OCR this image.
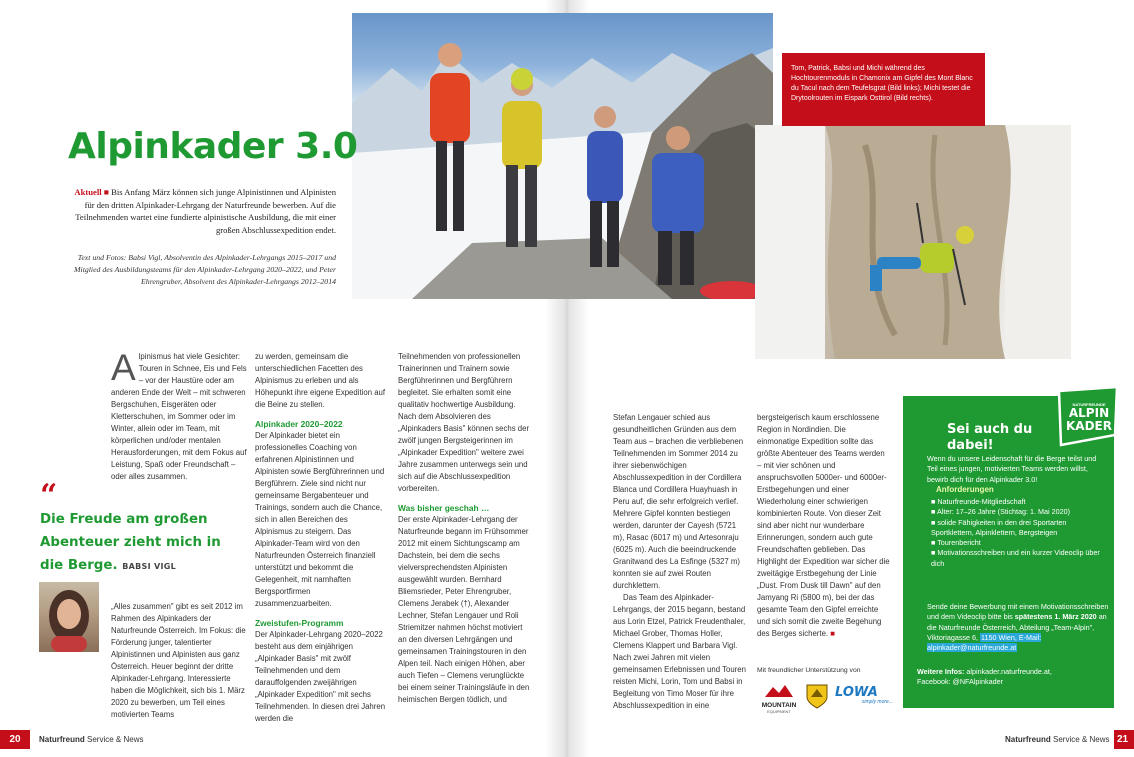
Tom, Patrick, Babsi und Michi während des Hochtourenmoduls in Chamonix am Gipfel des Mont Blanc du Tacul nach dem Teufelsgrat (Bild links); Michi testet die Drytoolrouten im Eispark Osttirol (Bild rechts).
Alpinkader 3.0
Aktuell ■ Bis Anfang März können sich junge Alpinistinnen und Alpinisten für den dritten Alpinkader-Lehrgang der Naturfreunde bewerben. Auf die Teilnehmenden wartet eine fundierte alpinistische Ausbildung, die mit einer großen Abschlussexpedition endet.
Text und Fotos: Babsi Vigl, Absolventin des Alpinkader-Lehrgangs 2015–2017 und Mitglied des Ausbildungsteams für den Alpinkader-Lehrgang 2020–2022, und Peter Ehrengruber, Absolvent des Alpinkader-Lehrgangs 2012–2014

A lpinismus hat viele Gesichter: Touren in Schnee, Eis und Fels – vor der Haustüre oder am anderen Ende der Welt – mit schweren Bergschuhen, Eisgeräten oder Kletterschuhen, im Sommer oder im Winter, allein oder im Team, mit körperlichen und/oder mentalen Herausforderungen, mit dem Fokus auf Leistung, Spaß oder Freundschaft – oder alles zusammen.

“
Die Freude am großen Abenteuer zieht mich in die Berge. BABSI VIGL

„Alles zusammen" gibt es seit 2012 im Rahmen des Alpinkaders der Naturfreunde Österreich. Im Fokus: die Förderung junger, talentierter Alpinistinnen und Alpinisten aus ganz Österreich. Heuer beginnt der dritte Alpinkader-Lehrgang. Interessierte haben die Möglichkeit, sich bis 1. März 2020 zu bewerben, um Teil eines motivierten Teams

zu werden, gemeinsam die unterschiedlichen Facetten des Alpinismus zu erleben und als Höhepunkt ihre eigene Expedition auf die Beine zu stellen.

Alpinkader 2020–2022

Der Alpinkader bietet ein professionelles Coaching von erfahrenen Alpinistinnen und Alpinisten sowie Bergführerinnen und Bergführern. Ziele sind nicht nur gemeinsame Bergabenteuer und Trainings, sondern auch die Chance, sich in allen Bereichen des Alpinismus zu steigern. Das Alpinkader-Team wird von den Naturfreunden Österreich finanziell unterstützt und bekommt die Gelegenheit, mit namhaften Bergsportfirmen zusammenzuarbeiten.

Zweistufen-Programm

Der Alpinkader-Lehrgang 2020–2022 besteht aus dem einjährigen „Alpinkader Basis" mit zwölf Teilnehmenden und dem darauffolgenden zweijährigen „Alpinkader Expedition" mit sechs Teilnehmenden. In diesen drei Jahren werden die

Teilnehmenden von professionellen Trainerinnen und Trainern sowie Bergführerinnen und Bergführern begleitet. Sie erhalten somit eine qualitativ hochwertige Ausbildung. Nach dem Absolvieren des „Alpinkaders Basis" können sechs der zwölf jungen Bergsteigerinnen im „Alpinkader Expedition" weitere zwei Jahre zusammen unterwegs sein und sich auf die Abschlussexpedition vorbereiten.

Was bisher geschah …

Der erste Alpinkader-Lehrgang der Naturfreunde begann im Frühsommer 2012 mit einem Sichtungscamp am Dachstein, bei dem die sechs vielversprechendsten Alpinisten ausgewählt wurden. Bernhard Bliemsrieder, Peter Ehrengruber, Clemens Jerabek (†), Alexander Lechner, Stefan Lengauer und Roli Striemitzer nahmen höchst motiviert an den diversen Lehrgängen und gemeinsamen Trainingstouren in den Alpen teil. Nach einigen Höhen, aber auch Tiefen – Clemens verunglückte bei einem seiner Trainingsläufe in den heimischen Bergen tödlich, und

Stefan Lengauer schied aus gesundheitlichen Gründen aus dem Team aus – brachen die verbliebenen Teilnehmenden im Sommer 2014 zu ihrer siebenwöchigen Abschlussexpedition in der Cordillera Blanca und Cordillera Huayhuash in Peru auf, die sehr erfolgreich verlief. Mehrere Gipfel konnten bestiegen werden, darunter der Cayesh (5721 m), Rasac (6017 m) und Artesonraju (6025 m). Auch die beeindruckende Granitwand des La Esfinge (5327 m) konnten sie auf zwei Routen durchklettern.

Das Team des Alpinkader-Lehrgangs, der 2015 begann, bestand aus Lorin Etzel, Patrick Freudenthaler, Michael Grober, Thomas Holler, Clemens Klappert und Barbara Vigl. Nach zwei Jahren mit vielen gemeinsamen Erlebnissen und Touren reisten Michi, Lorin, Tom und Babsi in Begleitung von Timo Moser für ihre Abschlussexpedition in eine

bergsteigerisch kaum erschlossene Region in Nordindien. Die einmonatige Expedition sollte das größte Abenteuer des Teams werden – mit vier schönen und anspruchsvollen 5000er- und 6000er-Erstbegehungen und einer Wiederholung einer schwierigen kombinierten Route. Von dieser Zeit sind aber nicht nur wunderbare Erinnerungen, sondern auch gute Freundschaften geblieben. Das Highlight der Expedition war sicher die zweitägige Erstbegehung der Linie „Dust. From Dusk till Dawn" auf den Jamyang Ri (5800 m), bei der das gesamte Team den Gipfel erreichte und sich somit die zweite Begehung des Berges sicherte. ■

Mit freundlicher Unterstützung von
MOUNTAIN
EQUIPMENT
LOWA
simply more...
Sei auch du
dabei!
Wenn du unsere Leidenschaft für die Berge teilst und Teil eines jungen, motivierten Teams werden willst, bewirb dich für den Alpinkader 3.0!
Anforderungen
■ Naturfreunde-Mitgliedschaft
■ Alter: 17–26 Jahre (Stichtag: 1. Mai 2020)
■ solide Fähigkeiten in den drei Sportarten Sportklettern, Alpinklettern, Bergsteigen
■ Tourenbericht
■ Motivationsschreiben und ein kurzer Videoclip über dich
Sende deine Bewerbung mit einem Motivationsschreiben und dem Videoclip bitte bis spätestens 1. März 2020 an die Naturfreunde Österreich, Abteilung „Team-Alpin", Viktoriagasse 6, 1150 Wien, E-Mail: alpinkader@naturfreunde.at
Weitere Infos: alpinkader.naturfreunde.at,
Facebook: @NFAlpinkader
▲
NATURFREUNDE
ALPIN
KADER
20	Naturfreund Service & News	Naturfreund Service & News 21
